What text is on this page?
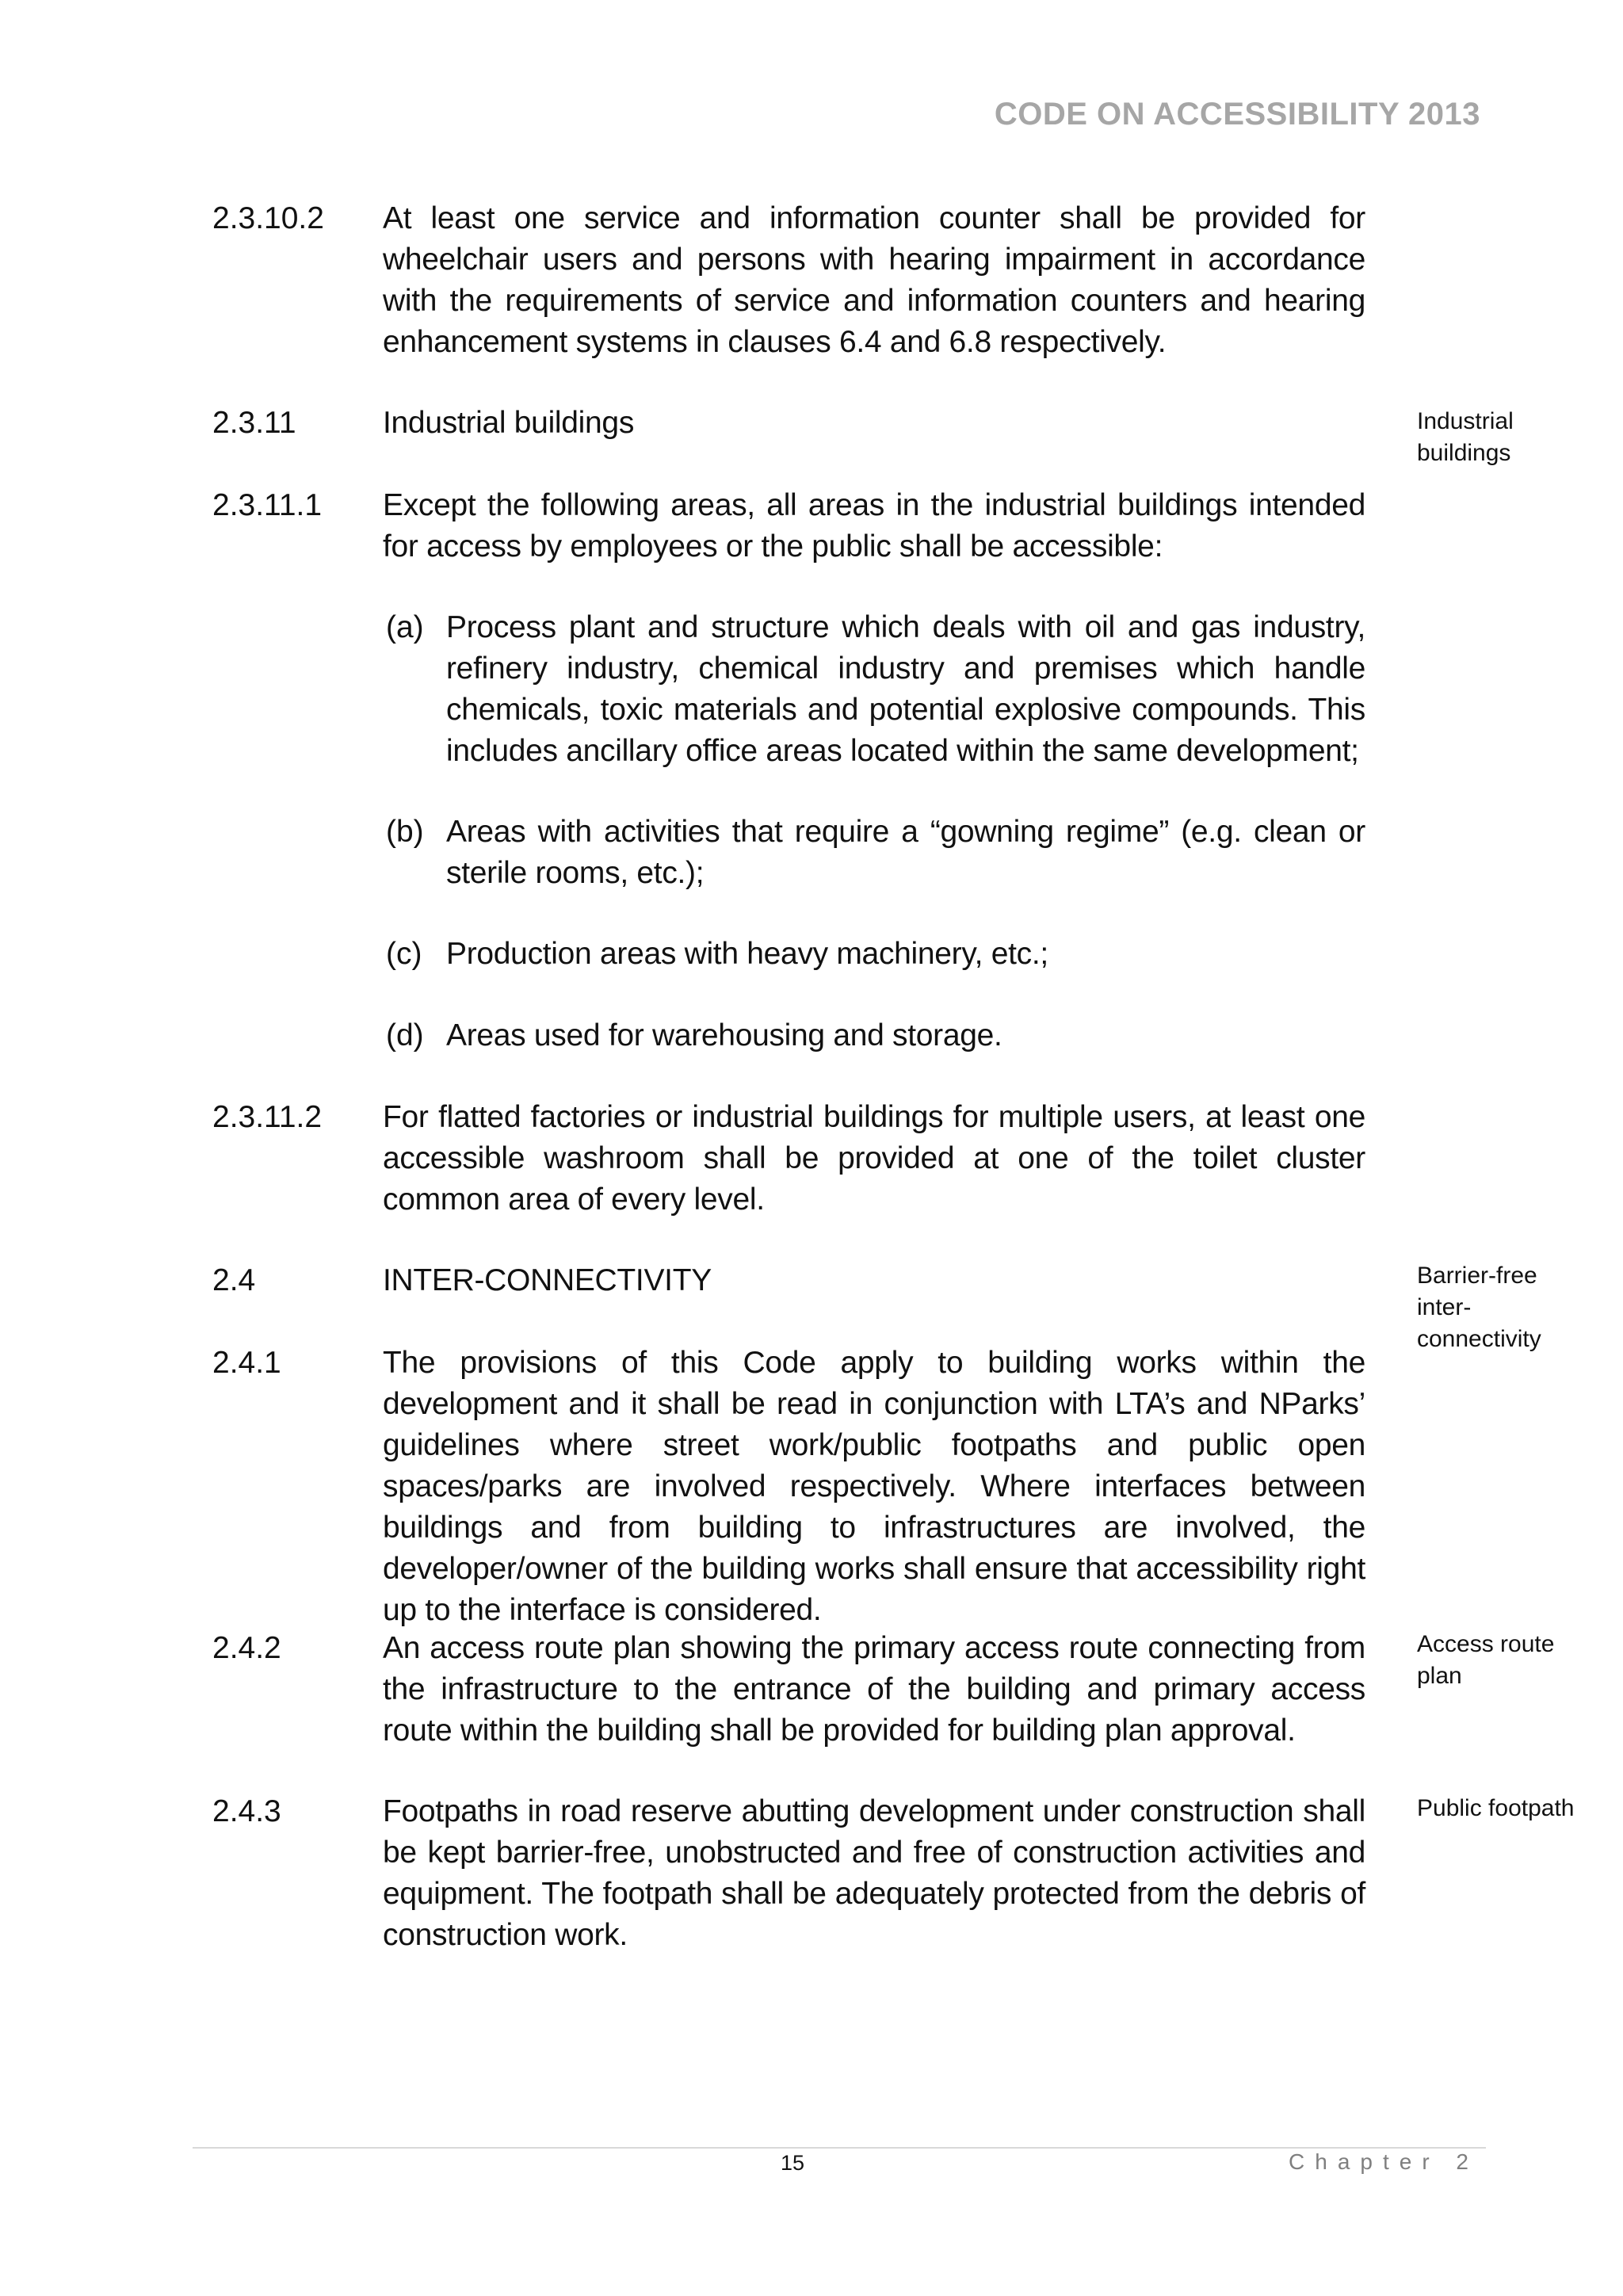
CODE ON ACCESSIBILITY 2013
2.3.10.2 At least one service and information counter shall be provided for wheelchair users and persons with hearing impairment in accordance with the requirements of service and information counters and hearing enhancement systems in clauses 6.4 and 6.8 respectively.
2.3.11	Industrial buildings	Industrial buildings
2.3.11.1 Except the following areas, all areas in the industrial buildings intended for access by employees or the public shall be accessible:
(a) Process plant and structure which deals with oil and gas industry, refinery industry, chemical industry and premises which handle chemicals, toxic materials and potential explosive compounds. This includes ancillary office areas located within the same development;
(b) Areas with activities that require a “gowning regime” (e.g. clean or sterile rooms, etc.);
(c) Production areas with heavy machinery, etc.;
(d) Areas used for warehousing and storage.
2.3.11.2 For flatted factories or industrial buildings for multiple users, at least one accessible washroom shall be provided at one of the toilet cluster common area of every level.
2.4	INTER-CONNECTIVITY	Barrier-free inter-connectivity
2.4.1	The provisions of this Code apply to building works within the development and it shall be read in conjunction with LTA’s and NParks’ guidelines where street work/public footpaths and public open spaces/parks are involved respectively. Where interfaces between buildings and from building to infrastructures are involved, the developer/owner of the building works shall ensure that accessibility right up to the interface is considered.
2.4.2	An access route plan showing the primary access route connecting from the infrastructure to the entrance of the building and primary access route within the building shall be provided for building plan approval.
Access route plan
2.4.3	Footpaths in road reserve abutting development under construction shall be kept barrier-free, unobstructed and free of construction activities and equipment. The footpath shall be adequately protected from the debris of construction work.
Public footpath
15	Chapter 2
